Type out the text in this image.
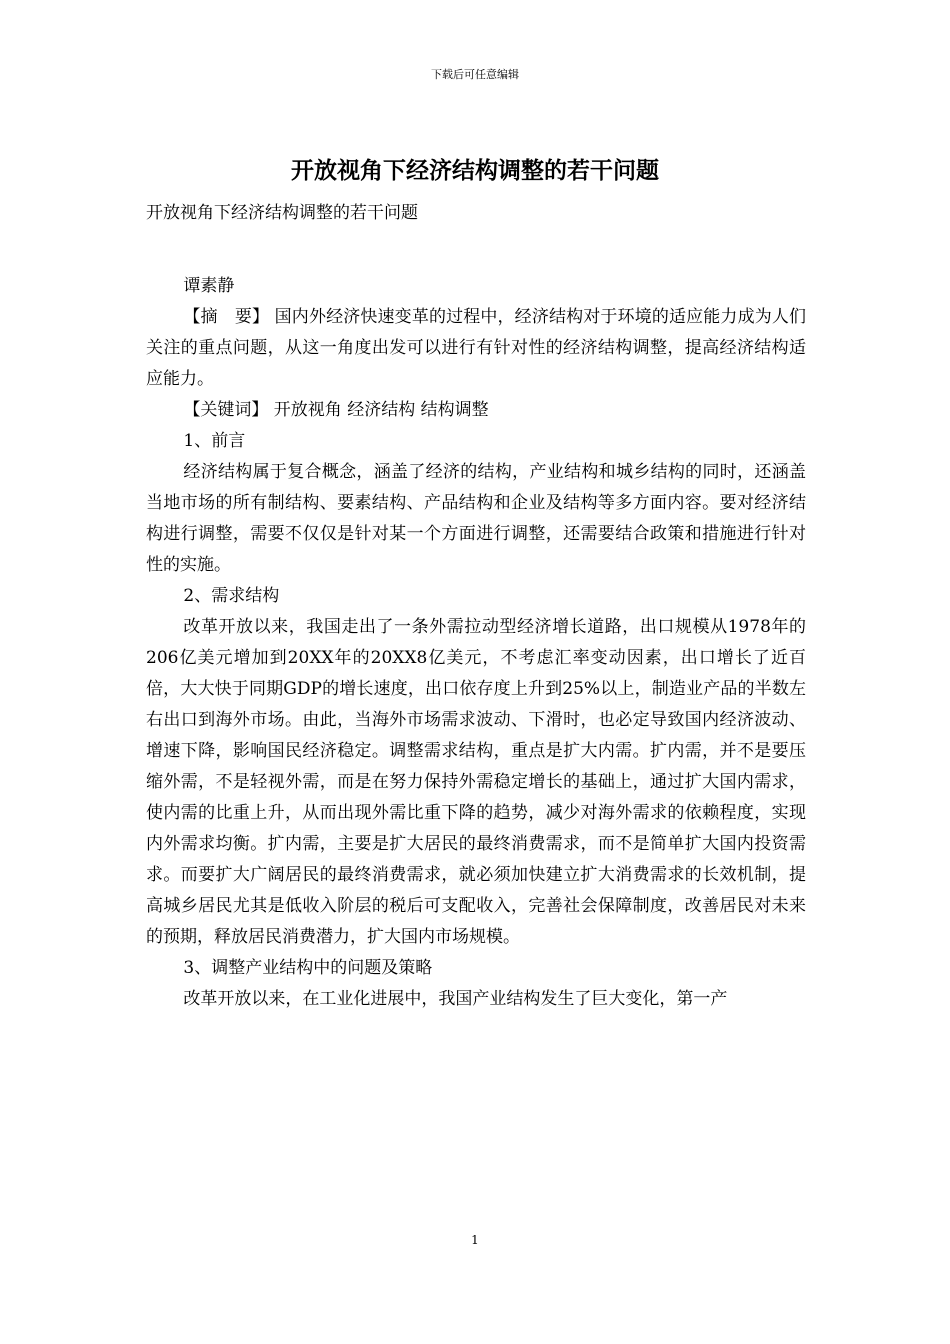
下载后可任意编辑
开放视角下经济结构调整的若干问题

开放视角下经济结构调整的若干问题

谭素静

【摘　要】 国内外经济快速变革的过程中，经济结构对于环境的适应能力成为人们关注的重点问题，从这一角度出发可以进行有针对性的经济结构调整，提高经济结构适应能力。

【关键词】 开放视角 经济结构 结构调整

1、前言

经济结构属于复合概念，涵盖了经济的结构，产业结构和城乡结构的同时，还涵盖当地市场的所有制结构、要素结构、产品结构和企业及结构等多方面内容。要对经济结构进行调整，需要不仅仅是针对某一个方面进行调整，还需要结合政策和措施进行针对性的实施。

2、需求结构

改革开放以来，我国走出了一条外需拉动型经济增长道路，出口规模从1978年的206亿美元增加到20XX年的20XX8亿美元，不考虑汇率变动因素，出口增长了近百倍，大大快于同期GDP的增长速度，出口依存度上升到25%以上，制造业产品的半数左右出口到海外市场。由此，当海外市场需求波动、下滑时，也必定导致国内经济波动、增速下降，影响国民经济稳定。调整需求结构，重点是扩大内需。扩内需，并不是要压缩外需，不是轻视外需，而是在努力保持外需稳定增长的基础上，通过扩大国内需求，使内需的比重上升，从而出现外需比重下降的趋势，减少对海外需求的依赖程度，实现内外需求均衡。扩内需，主要是扩大居民的最终消费需求，而不是简单扩大国内投资需求。而要扩大广阔居民的最终消费需求，就必须加快建立扩大消费需求的长效机制，提高城乡居民尤其是低收入阶层的税后可支配收入，完善社会保障制度，改善居民对未来的预期，释放居民消费潜力，扩大国内市场规模。

3、调整产业结构中的问题及策略

改革开放以来，在工业化进展中，我国产业结构发生了巨大变化，第一产

1
